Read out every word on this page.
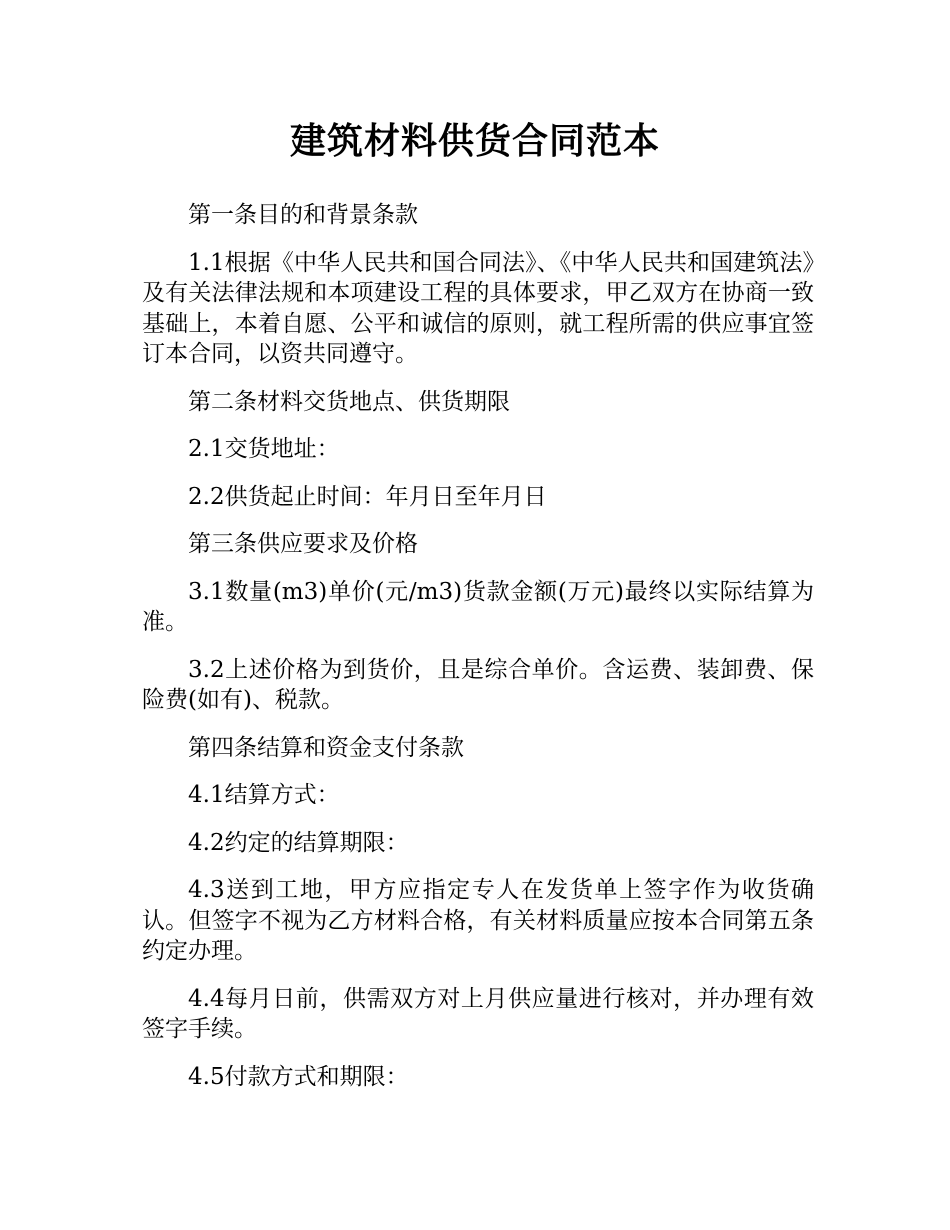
建筑材料供货合同范本

第一条目的和背景条款

1.1根据《中华人民共和国合同法》、《中华人民共和国建筑法》及有关法律法规和本项建设工程的具体要求，甲乙双方在协商一致基础上，本着自愿、公平和诚信的原则，就工程所需的供应事宜签订本合同，以资共同遵守。

第二条材料交货地点、供货期限

2.1交货地址：

2.2供货起止时间：年月日至年月日

第三条供应要求及价格

3.1数量(m3)单价(元/m3)货款金额(万元)最终以实际结算为准。

3.2上述价格为到货价，且是综合单价。含运费、装卸费、保险费(如有)、税款。

第四条结算和资金支付条款

4.1结算方式：

4.2约定的结算期限：

4.3送到工地，甲方应指定专人在发货单上签字作为收货确认。但签字不视为乙方材料合格，有关材料质量应按本合同第五条约定办理。

4.4每月日前，供需双方对上月供应量进行核对，并办理有效签字手续。

4.5付款方式和期限：
